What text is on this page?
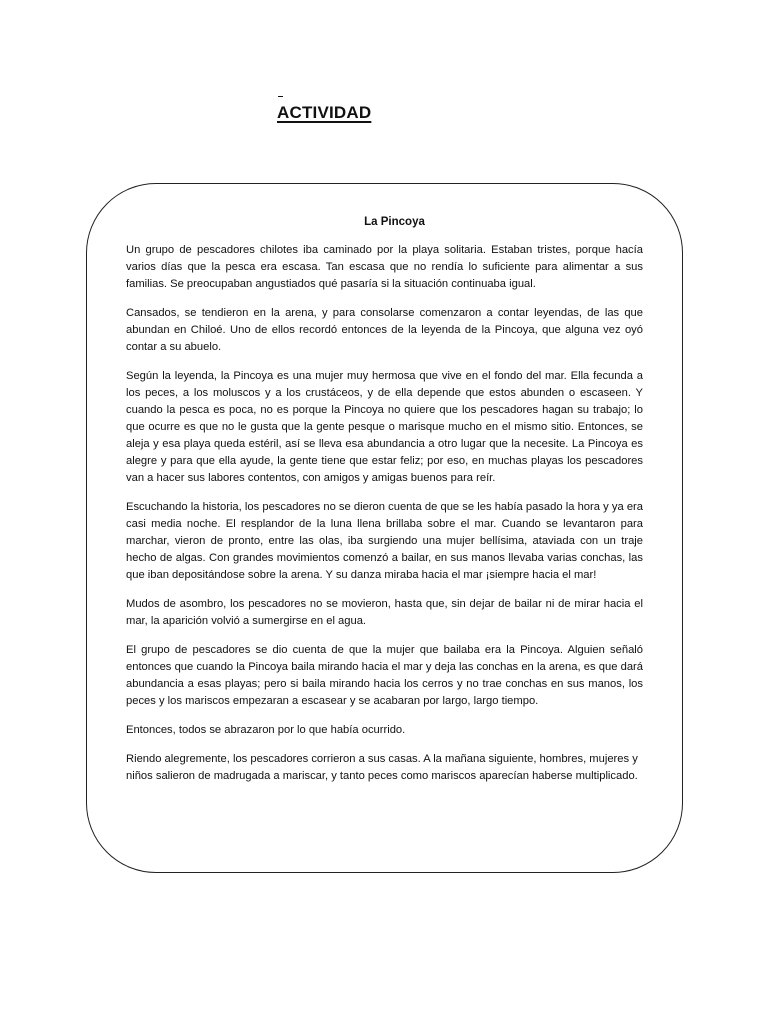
ACTIVIDAD

La Pincoya

Un grupo de pescadores chilotes iba caminado por la playa solitaria. Estaban tristes, porque hacía varios días que la pesca era escasa. Tan escasa que no rendía lo suficiente para alimentar a sus familias. Se preocupaban angustiados qué pasaría si la situación continuaba igual.

Cansados, se tendieron en la arena, y para consolarse comenzaron a contar leyendas, de las que abundan en Chiloé. Uno de ellos recordó entonces de la leyenda de la Pincoya, que alguna vez oyó contar a su abuelo.

Según la leyenda, la Pincoya es una mujer muy hermosa que vive en el fondo del mar. Ella fecunda a los peces, a los moluscos y a los crustáceos, y de ella depende que estos abunden o escaseen. Y cuando la pesca es poca, no es porque la Pincoya no quiere que los pescadores hagan su trabajo; lo que ocurre es que no le gusta que la gente pesque o marisque mucho en el mismo sitio. Entonces, se aleja y esa playa queda estéril, así se lleva esa abundancia a otro lugar que la necesite. La Pincoya es alegre y para que ella ayude, la gente tiene que estar feliz; por eso, en muchas playas los pescadores van a hacer sus labores contentos, con amigos y amigas buenos para reír.

Escuchando la historia, los pescadores no se dieron cuenta de que se les había pasado la hora y ya era casi media noche. El resplandor de la luna llena brillaba sobre el mar. Cuando se levantaron para marchar, vieron de pronto, entre las olas, iba surgiendo una mujer bellísima, ataviada con un traje hecho de algas. Con grandes movimientos comenzó a bailar, en sus manos llevaba varias conchas, las que iban depositándose sobre la arena. Y su danza miraba hacia el mar ¡siempre hacia el mar!

Mudos de asombro, los pescadores no se movieron, hasta que, sin dejar de bailar ni de mirar hacia el mar, la aparición volvió a sumergirse en el agua.

El grupo de pescadores se dio cuenta de que la mujer que bailaba era la Pincoya. Alguien señaló entonces que cuando la Pincoya baila mirando hacia el mar y deja las conchas en la arena, es que dará abundancia a esas playas; pero si baila mirando hacia los cerros y no trae conchas en sus manos, los peces y los mariscos empezaran a escasear y se acabaran por largo, largo tiempo.

Entonces, todos se abrazaron por lo que había ocurrido.

Riendo alegremente, los pescadores corrieron a sus casas. A la mañana siguiente, hombres, mujeres y niños salieron de madrugada a mariscar, y tanto peces como mariscos aparecían haberse multiplicado.
